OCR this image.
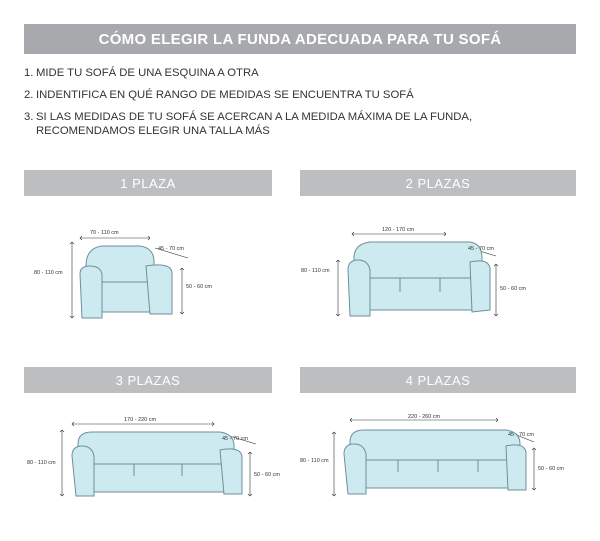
CÓMO ELEGIR LA FUNDA ADECUADA PARA TU SOFÁ
1. MIDE TU SOFÁ DE UNA ESQUINA A OTRA
2. INDENTIFICA EN QUÉ RANGO DE MEDIDAS SE ENCUENTRA TU SOFÁ
3. SI LAS MEDIDAS DE TU SOFÁ SE ACERCAN A LA MEDIDA MÁXIMA DE LA FUNDA, RECOMENDAMOS ELEGIR UNA TALLA MÁS
1 PLAZA	2 PLAZAS
3 PLAZAS	4 PLAZAS
70 - 110 cm
80 - 110 cm
45 - 70 cm
50 - 60 cm
120 - 170 cm
80 - 110 cm
45 - 70 cm
50 - 60 cm
170 - 220 cm
80 - 110 cm
45 - 70 cm
50 - 60 cm
220 - 260 cm
80 - 110 cm
45 - 70 cm
50 - 60 cm
